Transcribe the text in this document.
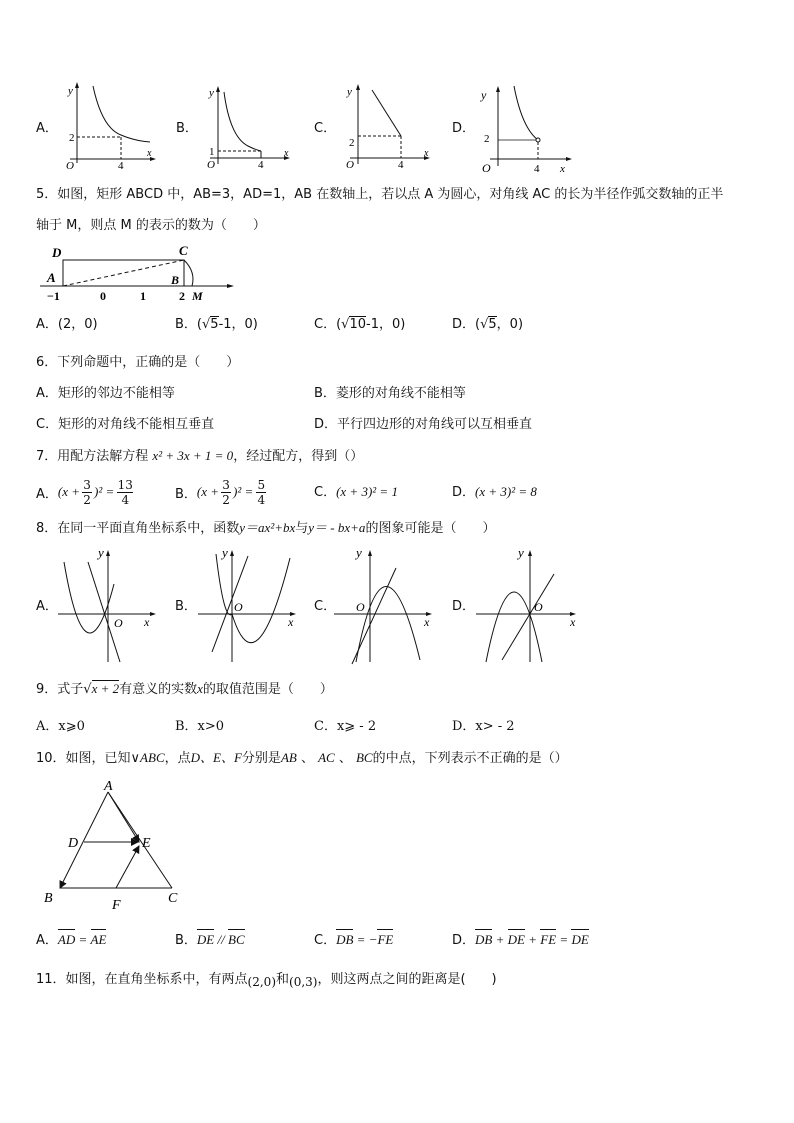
A．
y
x
O
2
4
B．
y
x
O
1
4
C．
y
x
O
2
4
D．
y
x
O
2
4
5．如图，矩形 ABCD 中，AB=3，AD=1，AB 在数轴上，若以点 A 为圆心，对角线 AC 的长为半径作弧交数轴的正半
轴于 M，则点 M 的表示的数为（　　）
D	C
A	B
M
−1	0	1	2
A．(2，0)	B．(√5-1，0)	C．(√10-1，0)	D．(√5，0)
6．下列命题中，正确的是（　　）
A．矩形的邻边不能相等	B．菱形的对角线不能相等
C．矩形的对角线不能相互垂直	D．平行四边形的对角线可以互相垂直
7．用配方法解方程 x² + 3x + 1 = 0，经过配方，得到（）
A． (x + 3
2
)² = 13
4	B． (x + 3
2
)² = 5
4	C．(x + 3)² = 1	D．(x + 3)² = 8
8．在同一平面直角坐标系中，函数y＝ax²+bx与y＝ - bx+a的图象可能是（　　）
A．
y
x
O
B．
y
x
O	C．
y
x
O	D．
y
x
O
9．式子√x + 2有意义的实数x的取值范围是（　　）
A．x⩾0	B．x>0	C．x⩾ - 2	D．x> - 2
10．如图，已知∨ABC，点D、E、F分别是AB 、 AC 、 BC的中点，下列表示不正确的是（）
A
D	E
B	F	C
A．AD = AE	B．DE // BC	C．DB = −FE	D．DB + DE + FE = DE
11．如图，在直角坐标系中，有两点(2,0)和(0,3)，则这两点之间的距离是(　　)
